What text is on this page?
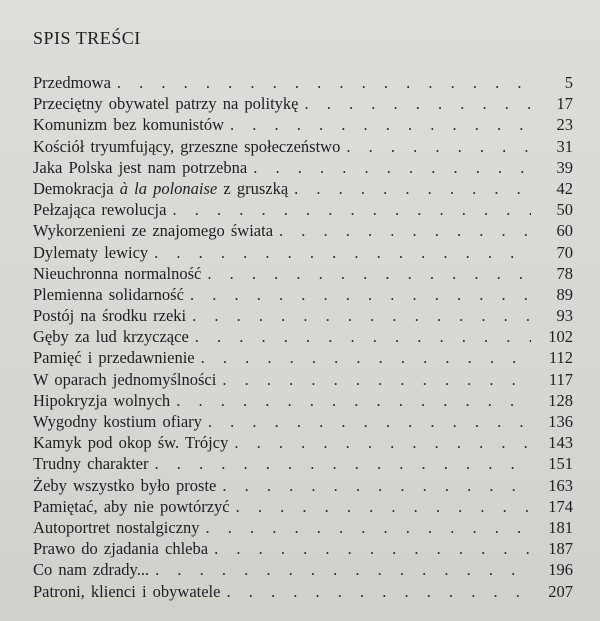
SPIS TREŚCI
Przedmowa . . .	5
Przeciętny obywatel patrzy na politykę . . .	17
Komunizm bez komunistów . . .	23
Kościół tryumfujący, grzeszne społeczeństwo . . .	31
Jaka Polska jest nam potrzebna . . .	39
Demokracja à la polonaise z gruszką . . .	42
Pełzająca rewolucja . . .	50
Wykorzenieni ze znajomego świata . . .	60
Dylematy lewicy . . .	70
Nieuchronna normalność . . .	78
Plemienna solidarność . . .	89
Postój na środku rzeki . . .	93
Gęby za lud krzyczące . . .	102
Pamięć i przedawnienie . . .	112
W oparach jednomyślności . . .	117
Hipokryzja wolnych . . .	128
Wygodny kostium ofiary . . .	136
Kamyk pod okop św. Trójcy . . .	143
Trudny charakter . . .	151
Żeby wszystko było proste . . .	163
Pamiętać, aby nie powtórzyć . . .	174
Autoportret nostalgiczny . . .	181
Prawo do zjadania chleba . . .	187
Co nam zdrady... . . .	196
Patroni, klienci i obywatele . . .	207
